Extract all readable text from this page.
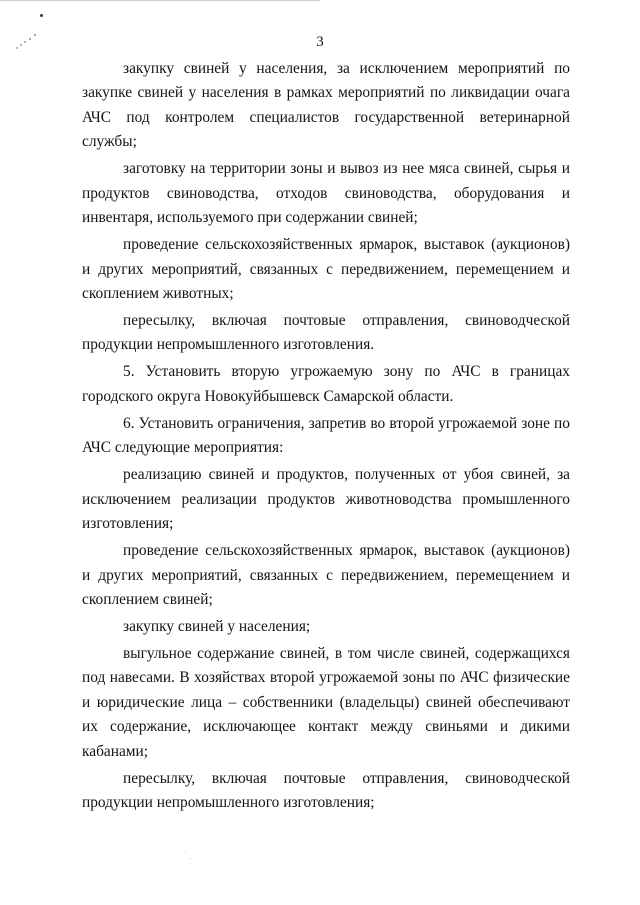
3

закупку свиней у населения, за исключением мероприятий по закупке свиней у населения в рамках мероприятий по ликвидации очага АЧС под контролем специалистов государственной ветеринарной службы;

заготовку на территории зоны и вывоз из нее мяса свиней, сырья и продуктов свиноводства, отходов свиноводства, оборудования и инвентаря, используемого при содержании свиней;

проведение сельскохозяйственных ярмарок, выставок (аукционов) и других мероприятий, связанных с передвижением, перемещением и скоплением животных;

пересылку, включая почтовые отправления, свиноводческой продукции непромышленного изготовления.

5. Установить вторую угрожаемую зону по АЧС в границах городского округа Новокуйбышевск Самарской области.

6. Установить ограничения, запретив во второй угрожаемой зоне по АЧС следующие мероприятия:

реализацию свиней и продуктов, полученных от убоя свиней, за исключением реализации продуктов животноводства промышленного изготовления;

проведение сельскохозяйственных ярмарок, выставок (аукционов) и других мероприятий, связанных с передвижением, перемещением и скоплением свиней;

закупку свиней у населения;

выгульное содержание свиней, в том числе свиней, содержащихся под навесами. В хозяйствах второй угрожаемой зоны по АЧС физические и юридические лица – собственники (владельцы) свиней обеспечивают их содержание, исключающее контакт между свиньями и дикими кабанами;

пересылку, включая почтовые отправления, свиноводческой продукции непромышленного изготовления;
